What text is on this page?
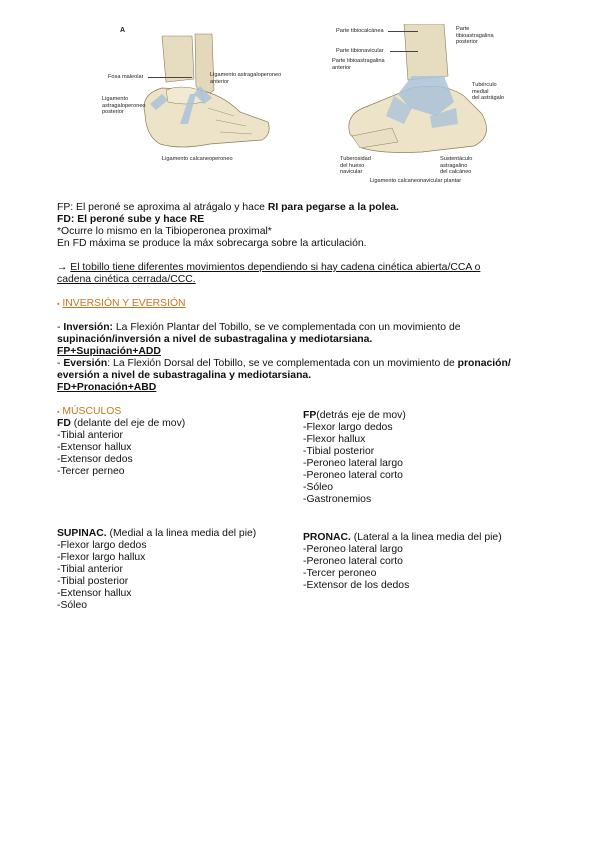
A
Fosa maleolar	Ligamento astragaloperoneo
anterior
Ligamento
astragaloperoneo
posterior
Ligamento calcaneoperoneo
Parte tibiocalcánea
Parte tibionavicular
Parte tibioastragalina
anterior
Parte
tibioastragalina
posterior
Tubérculo
medial
del astrágalo
Tuberosidad
del hueso
navicular
Sustentáculo
astragalino
del calcáneo
Ligamento calcaneonavicular plantar
FP: El peroné se aproxima al atrágalo y hace RI para pegarse a la polea.
FD: El peroné sube y hace RE
*Ocurre lo mismo en la Tibioperonea proximal*
En FD máxima se produce la máx sobrecarga sobre la articulación.
→ El tobillo tiene diferentes movimientos dependiendo si hay cadena cinética abierta/CCA o
cadena cinética cerrada/CCC.
▪ INVERSIÓN Y EVERSIÓN
- Inversión: La Flexión Plantar del Tobillo, se ve complementada con un movimiento de
supinación/inversión a nivel de subastragalina y mediotarsiana.
FP+Supinación+ADD
- Eversión: La Flexión Dorsal del Tobillo, se ve complementada con un movimiento de pronación/
eversión a nivel de subastragalina y mediotarsiana.
FD+Pronación+ABD
▪ MÚSCULOS
FD (delante del eje de mov)
-Tibial anterior
-Extensor hallux
-Extensor dedos
-Tercer perneo
FP(detrás eje de mov)
-Flexor largo dedos
-Flexor hallux
-Tibial posterior
-Peroneo lateral largo
-Peroneo lateral corto
-Sóleo
-Gastronemios
SUPINAC. (Medial a la linea media del pie)
-Flexor largo dedos
-Flexor largo hallux
-Tibial anterior
-Tibial posterior
-Extensor hallux
-Sóleo
PRONAC. (Lateral a la linea media del pie)
-Peroneo lateral largo
-Peroneo lateral corto
-Tercer peroneo
-Extensor de los dedos
